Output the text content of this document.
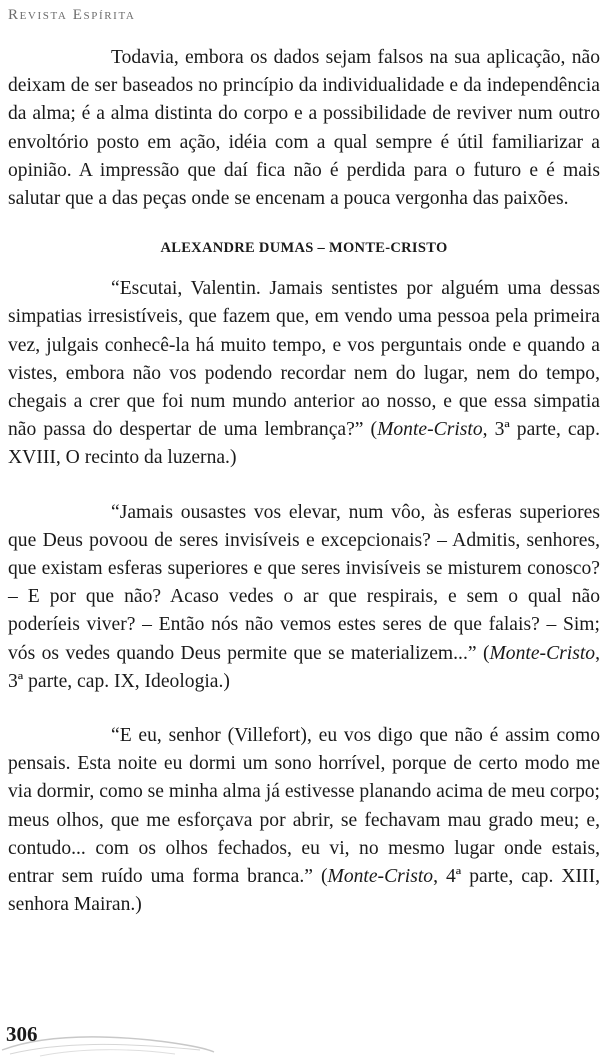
Revista Espírita

Todavia, embora os dados sejam falsos na sua aplicação, não deixam de ser baseados no princípio da individualidade e da independência da alma; é a alma distinta do corpo e a possibilidade de reviver num outro envoltório posto em ação, idéia com a qual sempre é útil familiarizar a opinião. A impressão que daí fica não é perdida para o futuro e é mais salutar que a das peças onde se encenam a pouca vergonha das paixões.

ALEXANDRE DUMAS – MONTE-CRISTO

“Escutai, Valentin. Jamais sentistes por alguém uma dessas simpatias irresistíveis, que fazem que, em vendo uma pessoa pela primeira vez, julgais conhecê-la há muito tempo, e vos perguntais onde e quando a vistes, embora não vos podendo recordar nem do lugar, nem do tempo, chegais a crer que foi num mundo anterior ao nosso, e que essa simpatia não passa do despertar de uma lembrança?” (Monte-Cristo, 3ª parte, cap. XVIII, O recinto da luzerna.)

“Jamais ousastes vos elevar, num vôo, às esferas superiores que Deus povoou de seres invisíveis e excepcionais? – Admitis, senhores, que existam esferas superiores e que seres invisíveis se misturem conosco? – E por que não? Acaso vedes o ar que respirais, e sem o qual não poderíeis viver? – Então nós não vemos estes seres de que falais? – Sim; vós os vedes quando Deus permite que se materializem...” (Monte-Cristo, 3ª parte, cap. IX, Ideologia.)

“E eu, senhor (Villefort), eu vos digo que não é assim como pensais. Esta noite eu dormi um sono horrível, porque de certo modo me via dormir, como se minha alma já estivesse planando acima de meu corpo; meus olhos, que me esforçava por abrir, se fechavam mau grado meu; e, contudo... com os olhos fechados, eu vi, no mesmo lugar onde estais, entrar sem ruído uma forma branca.” (Monte-Cristo, 4ª parte, cap. XIII, senhora Mairan.)

306
